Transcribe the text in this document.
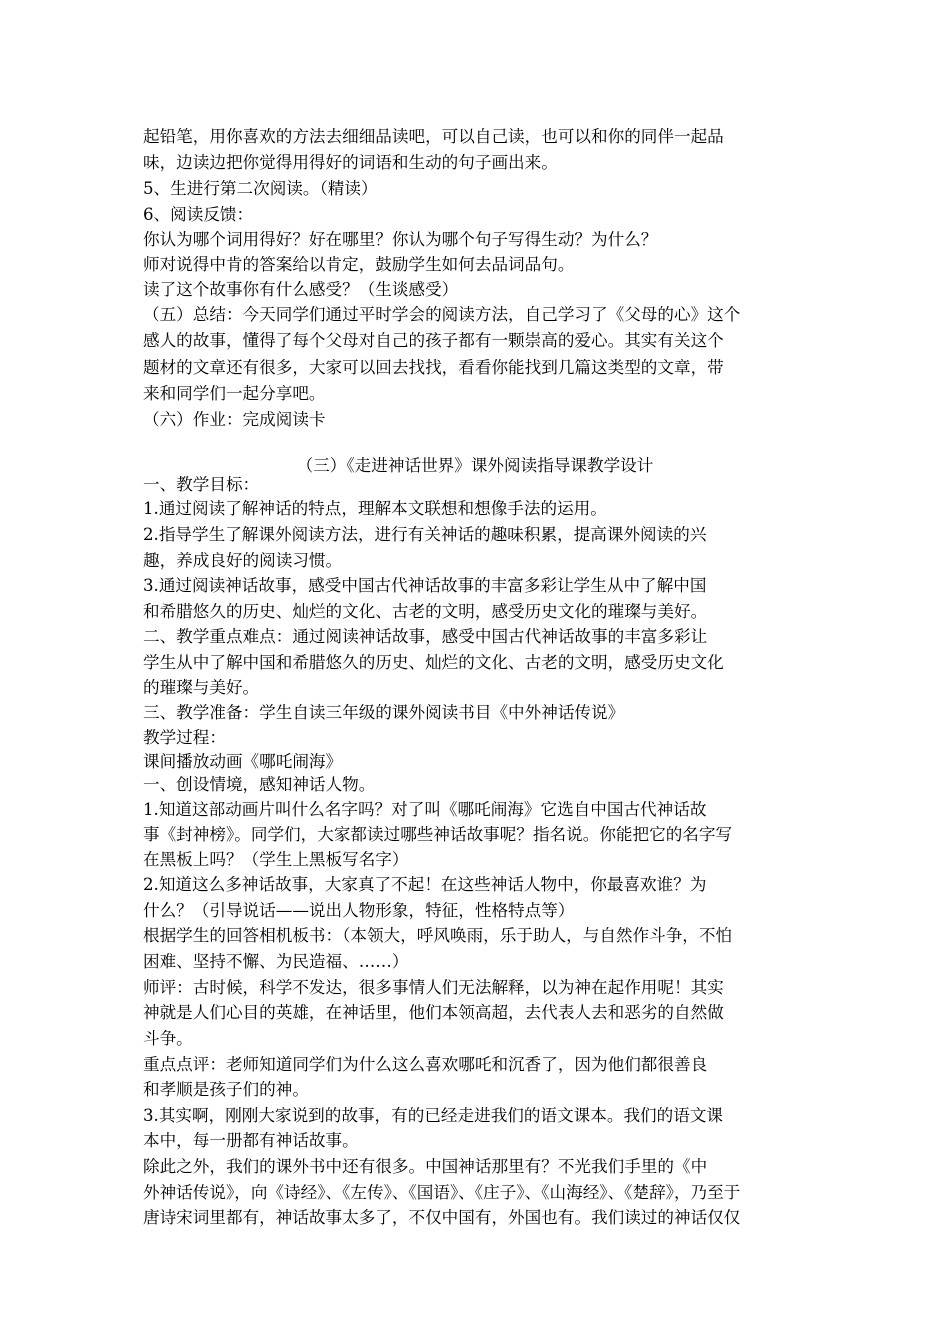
起铅笔，用你喜欢的方法去细细品读吧，可以自己读，也可以和你的同伴一起品
味，边读边把你觉得用得好的词语和生动的句子画出来。
5、生进行第二次阅读。（精读）
6、阅读反馈：
你认为哪个词用得好？好在哪里？你认为哪个句子写得生动？为什么？
师对说得中肯的答案给以肯定，鼓励学生如何去品词品句。
读了这个故事你有什么感受？（生谈感受）
（五）总结：今天同学们通过平时学会的阅读方法，自己学习了《父母的心》这个
感人的故事，懂得了每个父母对自己的孩子都有一颗崇高的爱心。其实有关这个
题材的文章还有很多，大家可以回去找找，看看你能找到几篇这类型的文章，带
来和同学们一起分享吧。
（六）作业：完成阅读卡
（三）《走进神话世界》课外阅读指导课教学设计
一、教学目标：
1.通过阅读了解神话的特点，理解本文联想和想像手法的运用。
2.指导学生了解课外阅读方法，进行有关神话的趣味积累，提高课外阅读的兴
趣，养成良好的阅读习惯。
3.通过阅读神话故事，感受中国古代神话故事的丰富多彩让学生从中了解中国
和希腊悠久的历史、灿烂的文化、古老的文明，感受历史文化的璀璨与美好。
二、教学重点难点：通过阅读神话故事，感受中国古代神话故事的丰富多彩让
学生从中了解中国和希腊悠久的历史、灿烂的文化、古老的文明，感受历史文化
的璀璨与美好。
三、教学准备：学生自读三年级的课外阅读书目《中外神话传说》
教学过程：
课间播放动画《哪吒闹海》
一、创设情境，感知神话人物。
1.知道这部动画片叫什么名字吗？对了叫《哪吒闹海》它选自中国古代神话故
事《封神榜》。同学们，大家都读过哪些神话故事呢？指名说。你能把它的名字写
在黑板上吗？（学生上黑板写名字）
2.知道这么多神话故事，大家真了不起！在这些神话人物中，你最喜欢谁？为
什么？（引导说话——说出人物形象，特征，性格特点等）
根据学生的回答相机板书：（本领大，呼风唤雨，乐于助人，与自然作斗争，不怕
困难、坚持不懈、为民造福、……）
师评：古时候，科学不发达，很多事情人们无法解释，以为神在起作用呢！其实
神就是人们心目的英雄，在神话里，他们本领高超，去代表人去和恶劣的自然做
斗争。
重点点评：老师知道同学们为什么这么喜欢哪吒和沉香了，因为他们都很善良
和孝顺是孩子们的神。
3.其实啊，刚刚大家说到的故事，有的已经走进我们的语文课本。我们的语文课
本中，每一册都有神话故事。
除此之外，我们的课外书中还有很多。中国神话那里有？不光我们手里的《中
外神话传说》，向《诗经》、《左传》、《国语》、《庄子》、《山海经》、《楚辞》，乃至于
唐诗宋词里都有，神话故事太多了，不仅中国有，外国也有。我们读过的神话仅仅
